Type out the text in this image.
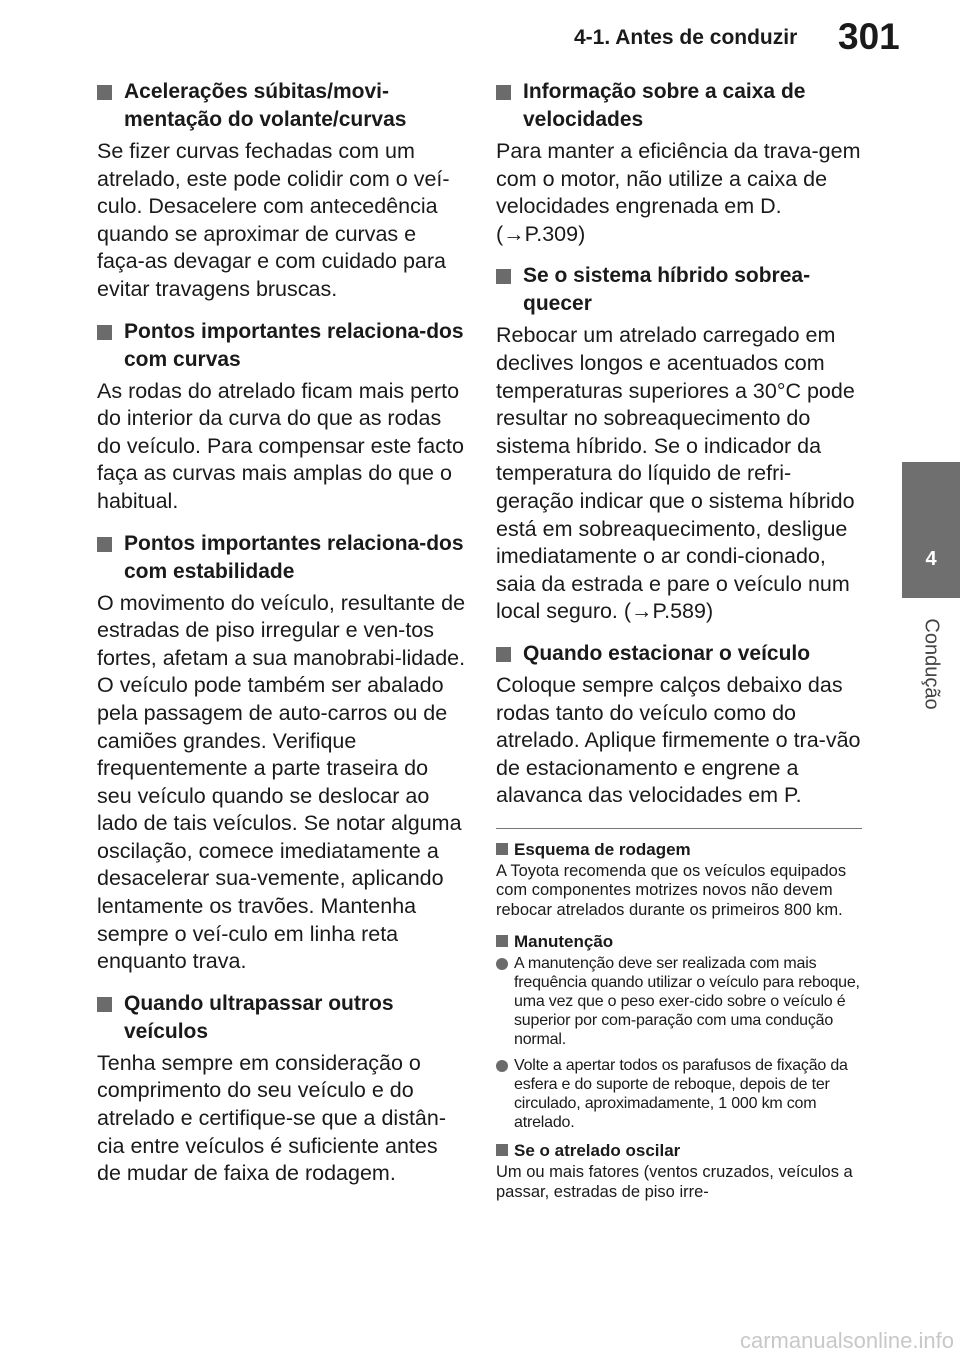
4-1. Antes de conduzir 301
4
Condução

Acelerações súbitas/movi-mentação do volante/curvas

Se fizer curvas fechadas com um atrelado, este pode colidir com o veí-culo. Desacelere com antecedência quando se aproximar de curvas e faça-as devagar e com cuidado para evitar travagens bruscas.

Pontos importantes relaciona-dos com curvas

As rodas do atrelado ficam mais perto do interior da curva do que as rodas do veículo. Para compensar este facto faça as curvas mais amplas do que o habitual.

Pontos importantes relaciona-dos com estabilidade

O movimento do veículo, resultante de estradas de piso irregular e ven-tos fortes, afetam a sua manobrabi-lidade. O veículo pode também ser abalado pela passagem de auto-carros ou de camiões grandes. Verifique frequentemente a parte traseira do seu veículo quando se deslocar ao lado de tais veículos. Se notar alguma oscilação, comece imediatamente a desacelerar sua-vemente, aplicando lentamente os travões. Mantenha sempre o veí-culo em linha reta enquanto trava.

Quando ultrapassar outros veículos

Tenha sempre em consideração o comprimento do seu veículo e do atrelado e certifique-se que a distân-cia entre veículos é suficiente antes de mudar de faixa de rodagem.

Informação sobre a caixa de velocidades

Para manter a eficiência da trava-gem com o motor, não utilize a caixa de velocidades engrenada em D. (→P.309)

Se o sistema híbrido sobrea-quecer

Rebocar um atrelado carregado em declives longos e acentuados com temperaturas superiores a 30°C pode resultar no sobreaquecimento do sistema híbrido. Se o indicador da temperatura do líquido de refri-geração indicar que o sistema híbrido está em sobreaquecimento, desligue imediatamente o ar condi-cionado, saia da estrada e pare o veículo num local seguro. (→P.589)

Quando estacionar o veículo

Coloque sempre calços debaixo das rodas tanto do veículo como do atrelado. Aplique firmemente o tra-vão de estacionamento e engrene a alavanca das velocidades em P.

Esquema de rodagem

A Toyota recomenda que os veículos equipados com componentes motrizes novos não devem rebocar atrelados durante os primeiros 800 km.

Manutenção

A manutenção deve ser realizada com mais frequência quando utilizar o veículo para reboque, uma vez que o peso exer-cido sobre o veículo é superior por com-paração com uma condução normal.

Volte a apertar todos os parafusos de fixação da esfera e do suporte de reboque, depois de ter circulado, aproximadamente, 1 000 km com atrelado.

Se o atrelado oscilar

Um ou mais fatores (ventos cruzados, veículos a passar, estradas de piso irre-

carmanualsonline.info
